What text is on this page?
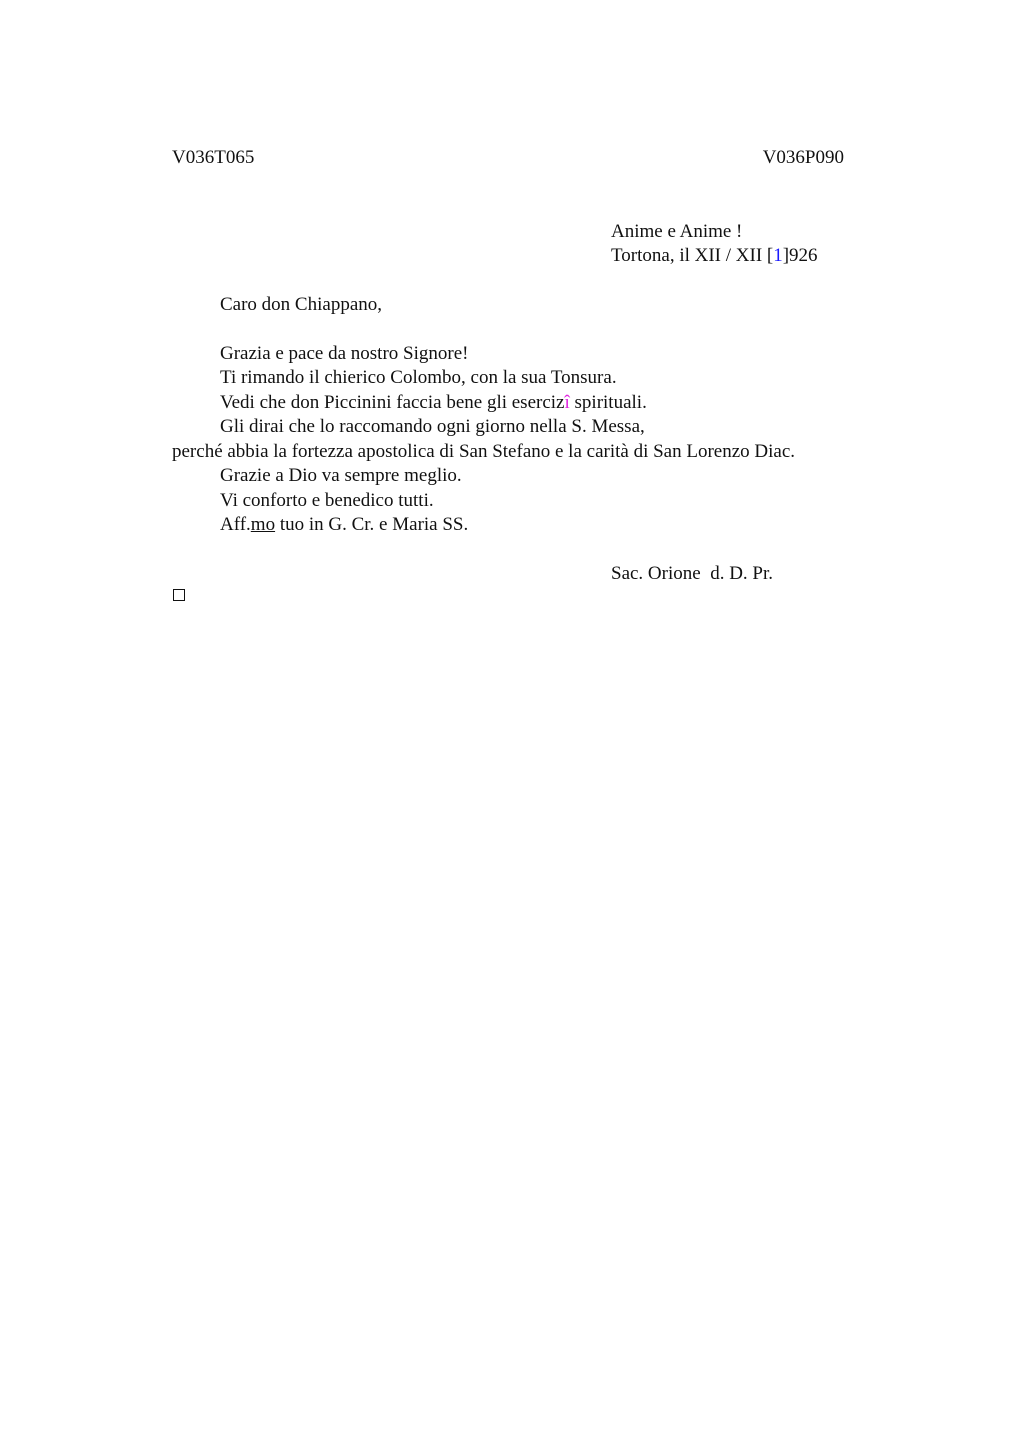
V036T065	V036P090
Anime e Anime !
Tortona, il XII / XII [1]926
Caro don Chiappano,
Grazia e pace da nostro Signore!
Ti rimando il chierico Colombo, con la sua Tonsura.
Vedi che don Piccinini faccia bene gli esercizî spirituali.
Gli dirai che lo raccomando ogni giorno nella S. Messa,
perché abbia la fortezza apostolica di San Stefano e la carità di San Lorenzo Diac.
Grazie a Dio va sempre meglio.
Vi conforto e benedico tutti.
Aff.mo tuo in G. Cr. e Maria SS.
Sac. Orione  d. D. Pr.
